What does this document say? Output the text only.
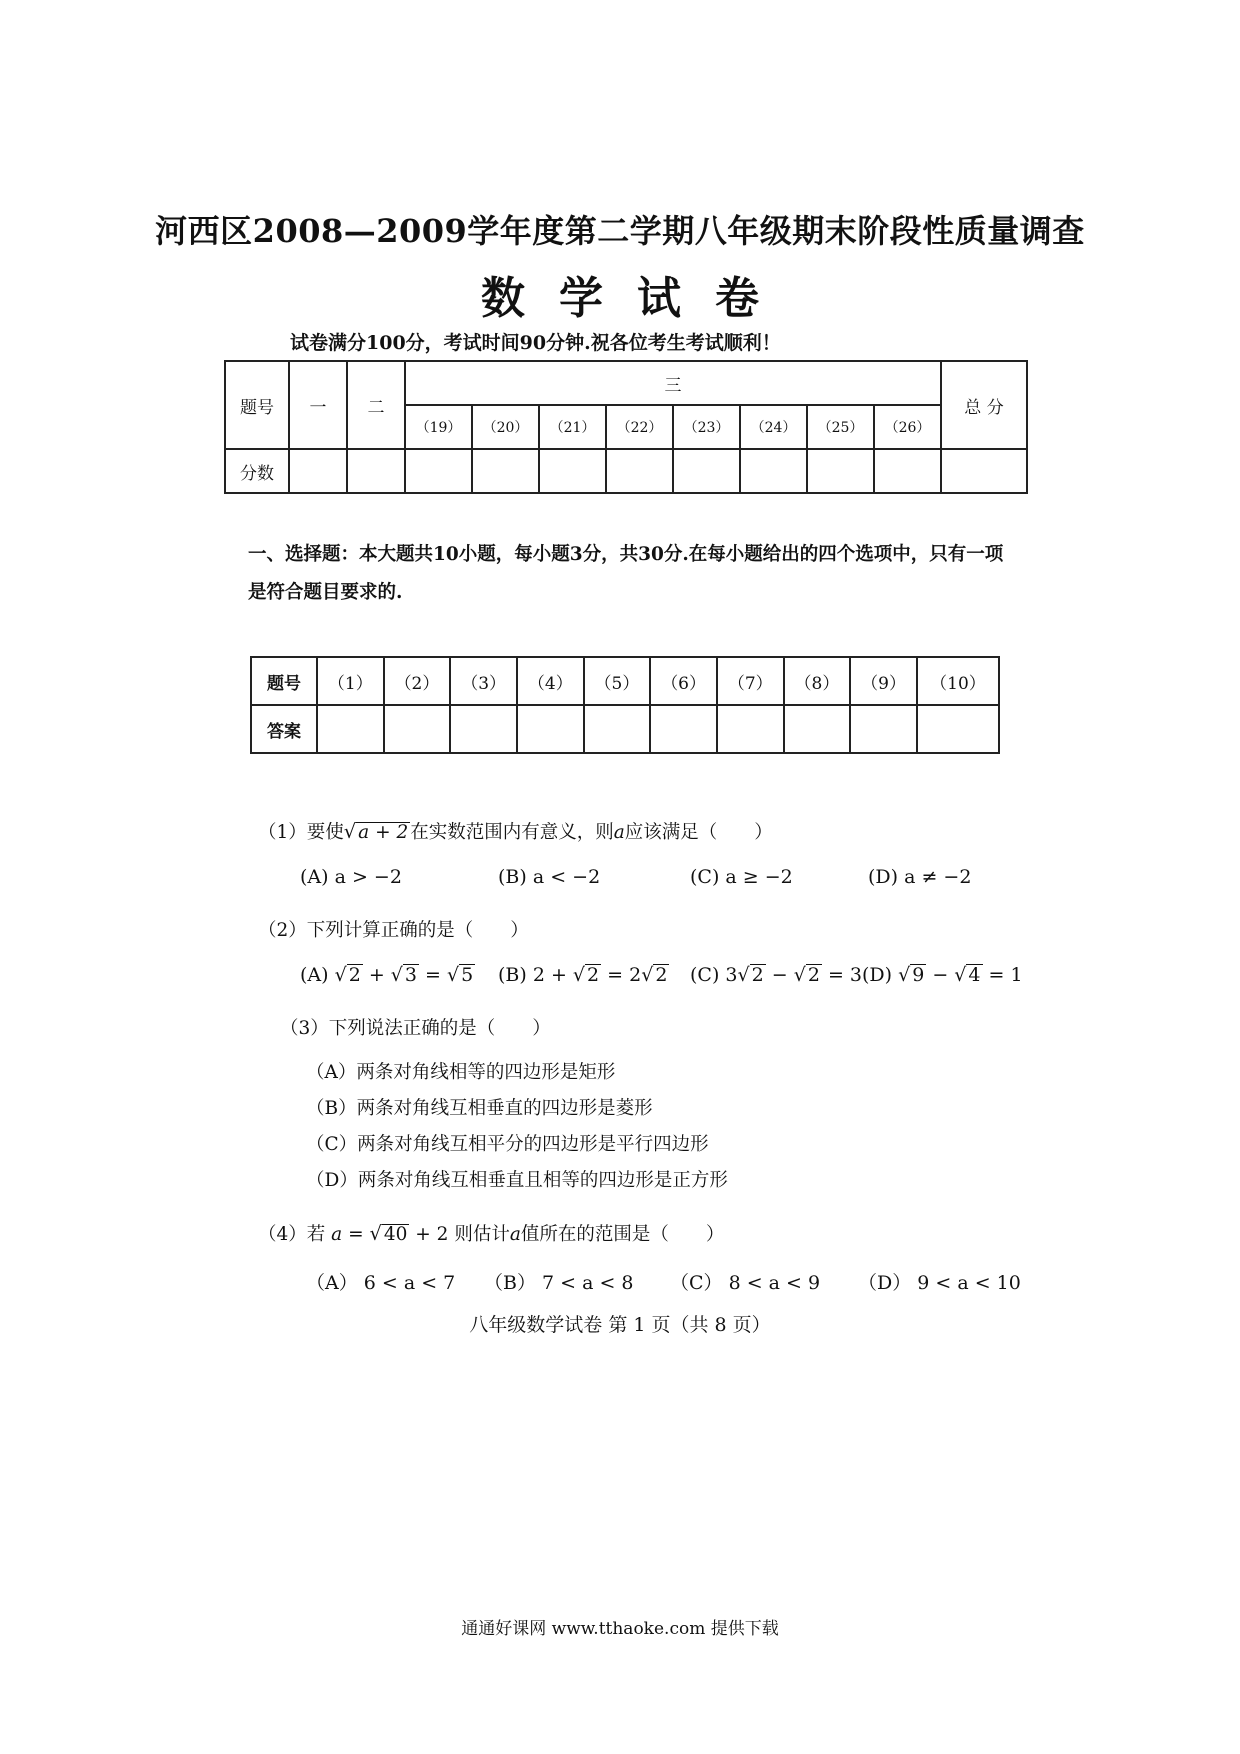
河西区2008—2009学年度第二学期八年级期末阶段性质量调查
数学试卷
试卷满分100分，考试时间90分钟.祝各位考生考试顺利！
题号	一	二	三								总 分
			（19）	（20）	（21）	（22）	（23）	（24）	（25）	（26）	
分数											
一、选择题：本大题共10小题，每小题3分，共30分.在每小题给出的四个选项中，只有一项是符合题目要求的.
题号	（1）	（2）	（3）	（4）	（5）	（6）	（7）	（8）	（9）	（10）
答案										
（1）要使√ a + 2 在实数范围内有意义，则a应该满足（　　）
(A) a > −2	(B) a < −2	(C) a ≥ −2	(D) a ≠ −2
（2）下列计算正确的是（　　）
(A) √ 2 + √ 3 = √ 5 (B) 2 + √ 2 = 2√ 2 (C) 3√ 2 − √ 2 = 3 (D) √ 9 − √ 4 = 1
（3）下列说法正确的是（　　）
（A）两条对角线相等的四边形是矩形
（B）两条对角线互相垂直的四边形是菱形
（C）两条对角线互相平分的四边形是平行四边形
（D）两条对角线互相垂直且相等的四边形是正方形
（4）若 a = √ 40 + 2 则估计a值所在的范围是（　　）
（A） 6 < a < 7 （B） 7 < a < 8 （C） 8 < a < 9 （D） 9 < a < 10
八年级数学试卷 第 1 页（共 8 页）
通通好课网 www.tthaoke.com 提供下载
